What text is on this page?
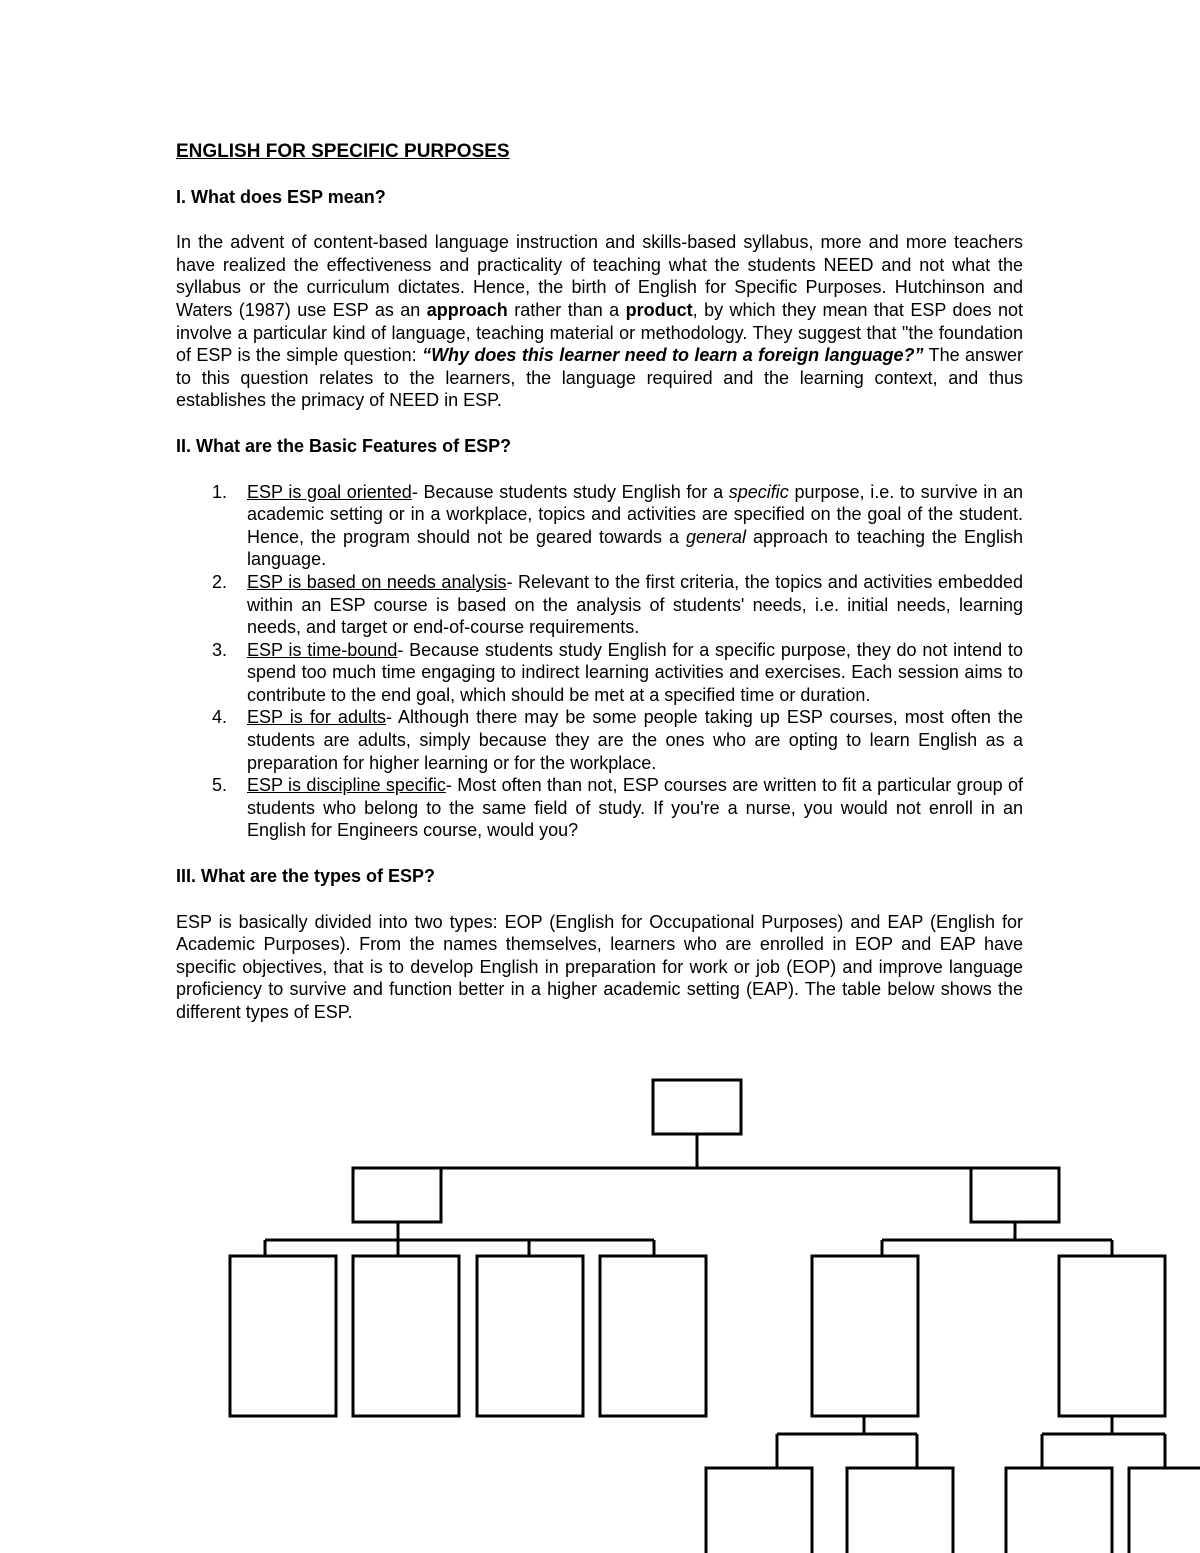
ENGLISH FOR SPECIFIC PURPOSES
I. What does ESP mean?

In the advent of content-based language instruction and skills-based syllabus, more and more teachers have realized the effectiveness and practicality of teaching what the students NEED and not what the syllabus or the curriculum dictates. Hence, the birth of English for Specific Purposes. Hutchinson and Waters (1987) use ESP as an approach rather than a product, by which they mean that ESP does not involve a particular kind of language, teaching material or methodology. They suggest that "the foundation of ESP is the simple question: “Why does this learner need to learn a foreign language?” The answer to this question relates to the learners, the language required and the learning context, and thus establishes the primacy of NEED in ESP.

II. What are the Basic Features of ESP?
1. ESP is goal oriented- Because students study English for a specific purpose, i.e. to survive in an academic setting or in a workplace, topics and activities are specified on the goal of the student. Hence, the program should not be geared towards a general approach to teaching the English language.
2. ESP is based on needs analysis- Relevant to the first criteria, the topics and activities embedded within an ESP course is based on the analysis of students' needs, i.e. initial needs, learning needs, and target or end-of-course requirements.
3. ESP is time-bound- Because students study English for a specific purpose, they do not intend to spend too much time engaging to indirect learning activities and exercises. Each session aims to contribute to the end goal, which should be met at a specified time or duration.
4. ESP is for adults- Although there may be some people taking up ESP courses, most often the students are adults, simply because they are the ones who are opting to learn English as a preparation for higher learning or for the workplace.
5. ESP is discipline specific- Most often than not, ESP courses are written to fit a particular group of students who belong to the same field of study. If you're a nurse, you would not enroll in an English for Engineers course, would you?
III. What are the types of ESP?

ESP is basically divided into two types: EOP (English for Occupational Purposes) and EAP (English for Academic Purposes). From the names themselves, learners who are enrolled in EOP and EAP have specific objectives, that is to develop English in preparation for work or job (EOP) and improve language proficiency to survive and function better in a higher academic setting (EAP). The table below shows the different types of ESP.
